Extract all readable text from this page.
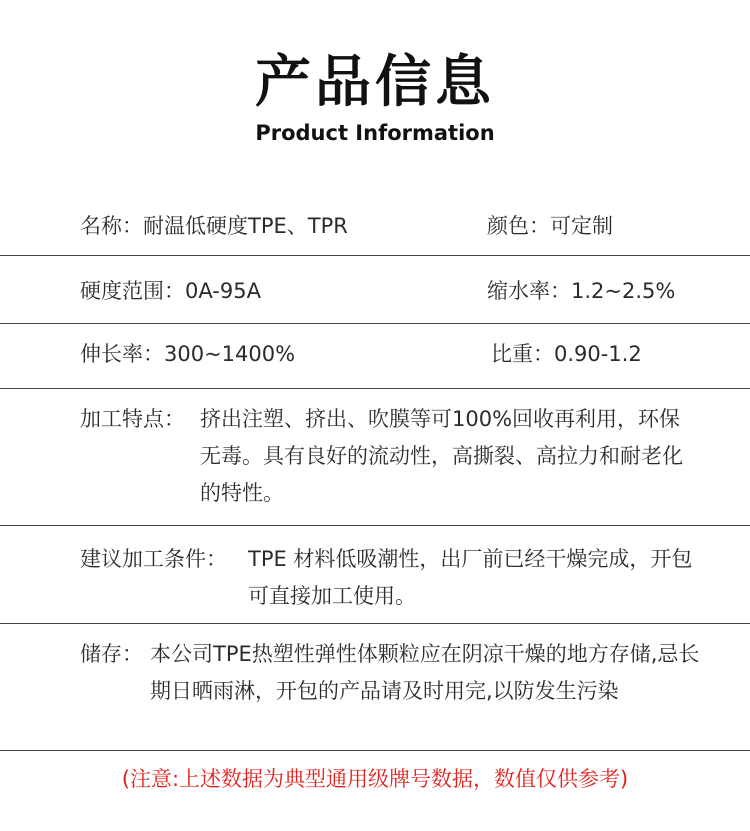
产品信息
Product Information
名称：耐温低硬度TPE、TPR	颜色：可定制
硬度范围：0A-95A	缩水率：1.2~2.5%
伸长率：300~1400%	比重：0.90-1.2
加工特点： 挤出注塑、挤出、吹膜等可100%回收再利用，环保无毒。具有良好的流动性，高撕裂、高拉力和耐老化的特性。
建议加工条件： TPE 材料低吸潮性，出厂前已经干燥完成，开包可直接加工使用。
储存： 本公司TPE热塑性弹性体颗粒应在阴凉干燥的地方存储,忌长期日晒雨淋，开包的产品请及时用完,以防发生污染
(注意:上述数据为典型通用级牌号数据，数值仅供参考)
